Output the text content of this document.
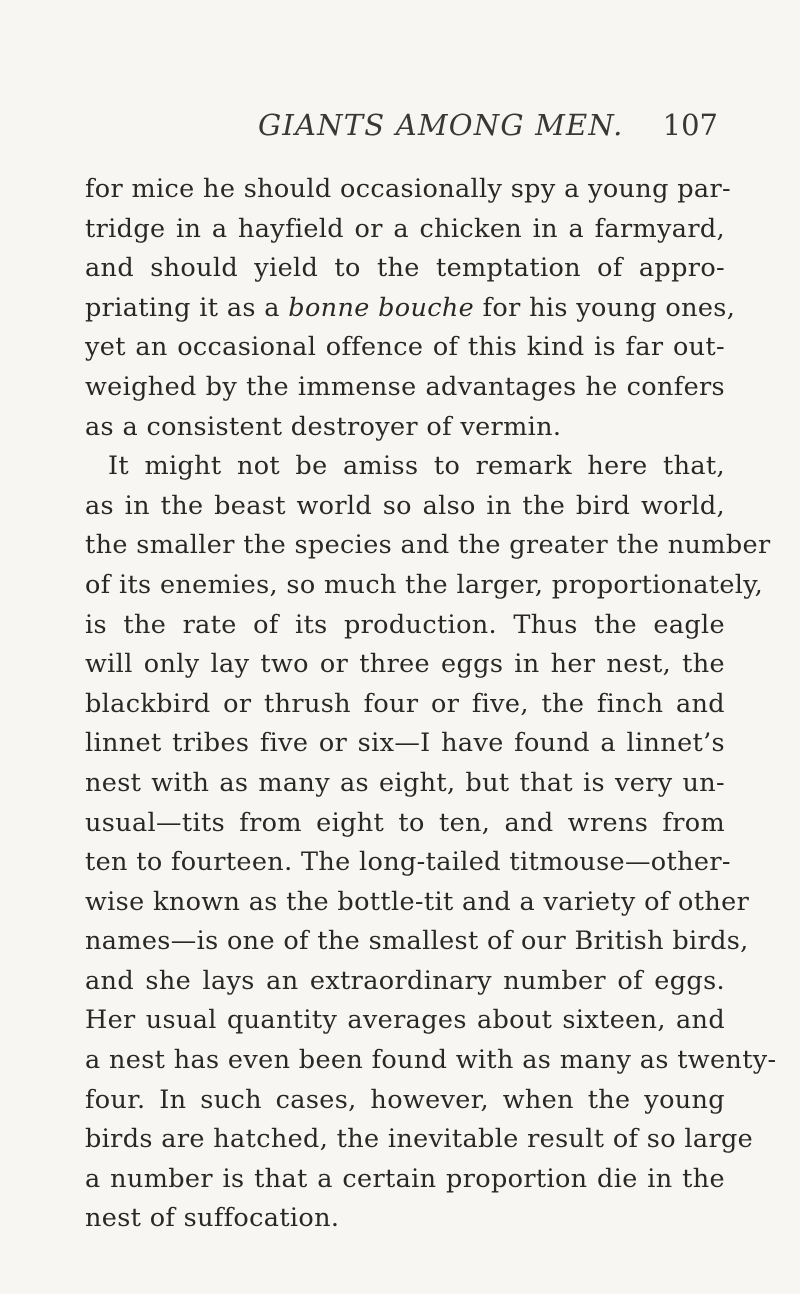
GIANTS AMONG MEN. 107
for mice he should occasionally spy a young par-
tridge in a hayfield or a chicken in a farmyard,
and should yield to the temptation of appro-
priating it as a bonne bouche for his young ones,
yet an occasional offence of this kind is far out-
weighed by the immense advantages he confers
as a consistent destroyer of vermin.
It might not be amiss to remark here that,
as in the beast world so also in the bird world,
the smaller the species and the greater the number
of its enemies, so much the larger, proportionately,
is the rate of its production. Thus the eagle
will only lay two or three eggs in her nest, the
blackbird or thrush four or five, the finch and
linnet tribes five or six—I have found a linnet’s
nest with as many as eight, but that is very un-
usual—tits from eight to ten, and wrens from
ten to fourteen. The long-tailed titmouse—other-
wise known as the bottle-tit and a variety of other
names—is one of the smallest of our British birds,
and she lays an extraordinary number of eggs.
Her usual quantity averages about sixteen, and
a nest has even been found with as many as twenty-
four. In such cases, however, when the young
birds are hatched, the inevitable result of so large
a number is that a certain proportion die in the
nest of suffocation.
